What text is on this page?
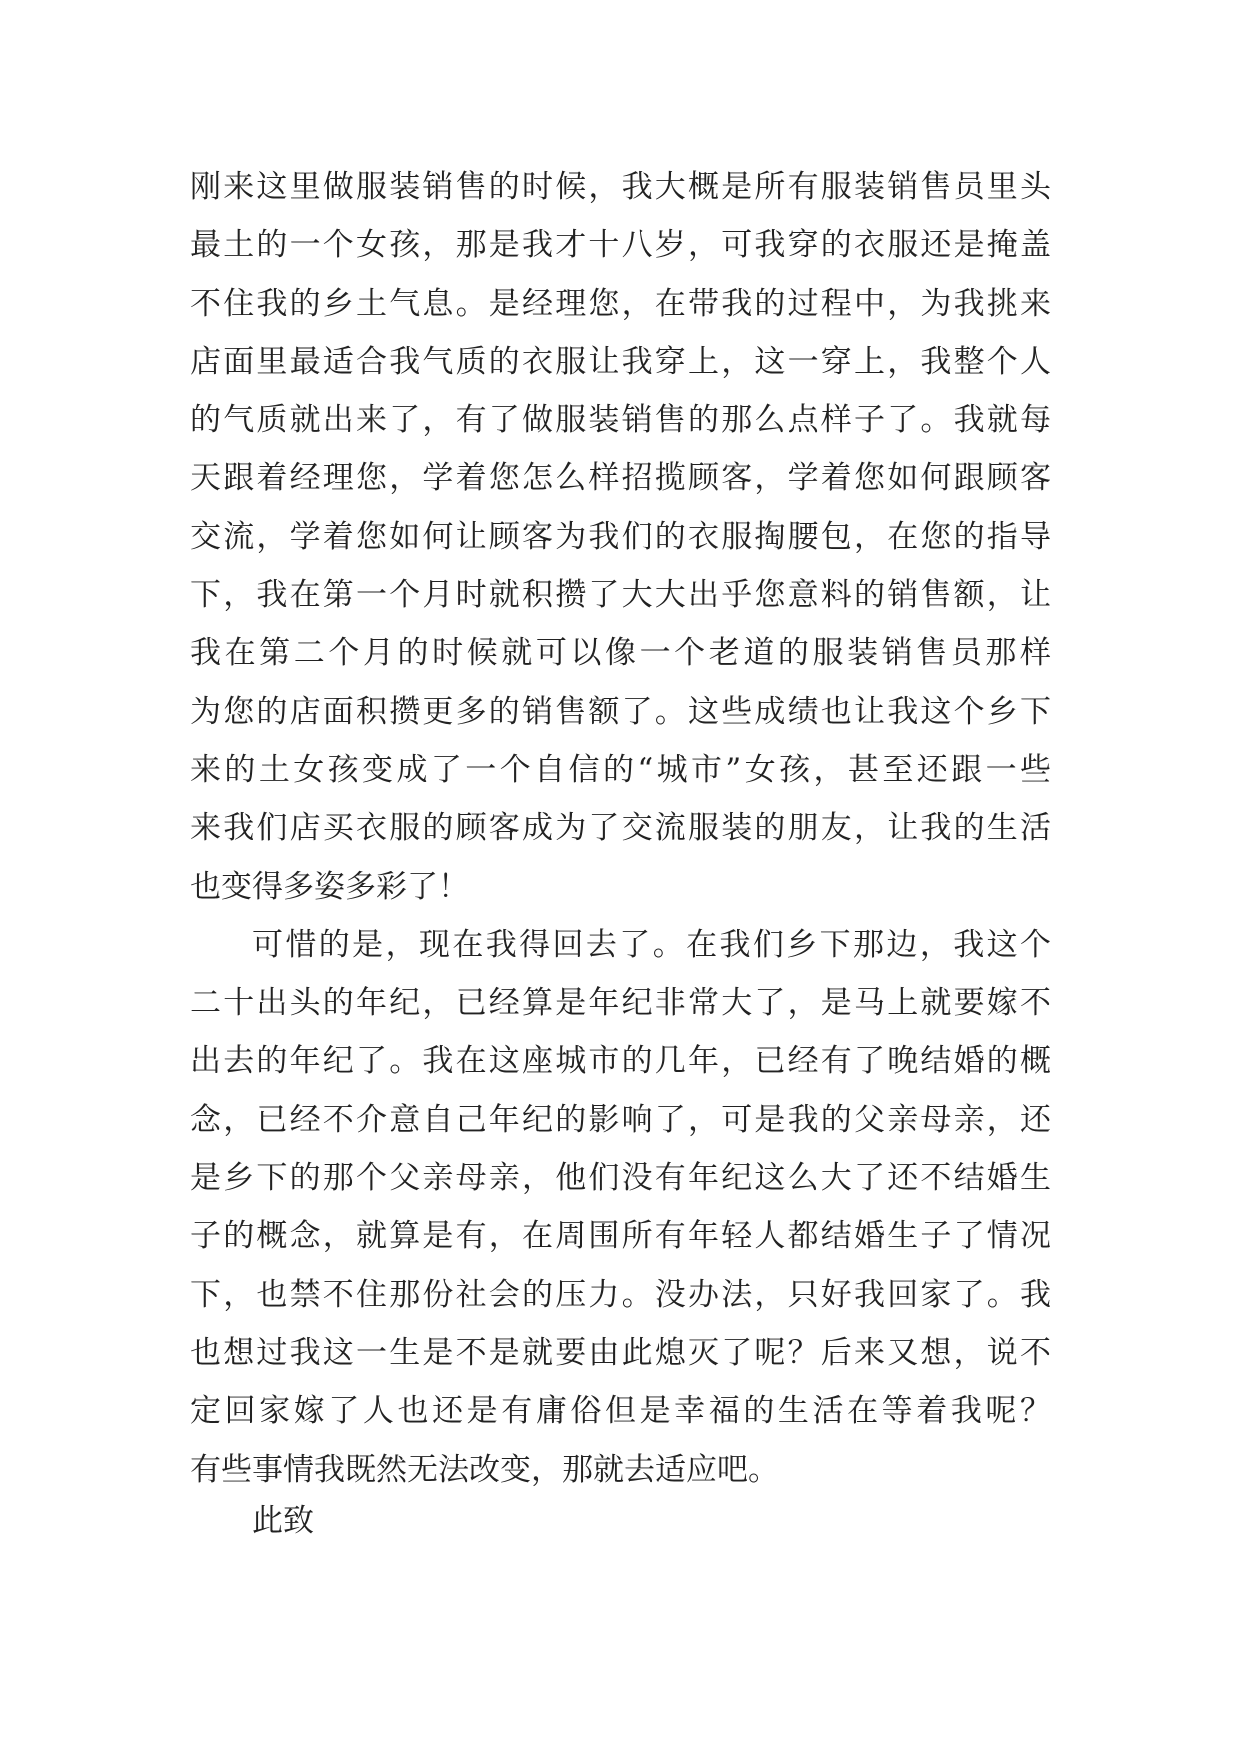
刚来这里做服装销售的时候，我大概是所有服装销售员里头
最土的一个女孩，那是我才十八岁，可我穿的衣服还是掩盖
不住我的乡土气息。是经理您，在带我的过程中，为我挑来
店面里最适合我气质的衣服让我穿上，这一穿上，我整个人
的气质就出来了，有了做服装销售的那么点样子了。我就每
天跟着经理您，学着您怎么样招揽顾客，学着您如何跟顾客
交流，学着您如何让顾客为我们的衣服掏腰包，在您的指导
下，我在第一个月时就积攒了大大出乎您意料的销售额，让
我在第二个月的时候就可以像一个老道的服装销售员那样
为您的店面积攒更多的销售额了。这些成绩也让我这个乡下
来的土女孩变成了一个自信的“城市”女孩，甚至还跟一些
来我们店买衣服的顾客成为了交流服装的朋友，让我的生活
也变得多姿多彩了！
可惜的是，现在我得回去了。在我们乡下那边，我这个
二十出头的年纪，已经算是年纪非常大了，是马上就要嫁不
出去的年纪了。我在这座城市的几年，已经有了晚结婚的概
念，已经不介意自己年纪的影响了，可是我的父亲母亲，还
是乡下的那个父亲母亲，他们没有年纪这么大了还不结婚生
子的概念，就算是有，在周围所有年轻人都结婚生子了情况
下，也禁不住那份社会的压力。没办法，只好我回家了。我
也想过我这一生是不是就要由此熄灭了呢？后来又想，说不
定回家嫁了人也还是有庸俗但是幸福的生活在等着我呢？
有些事情我既然无法改变，那就去适应吧。
此致
